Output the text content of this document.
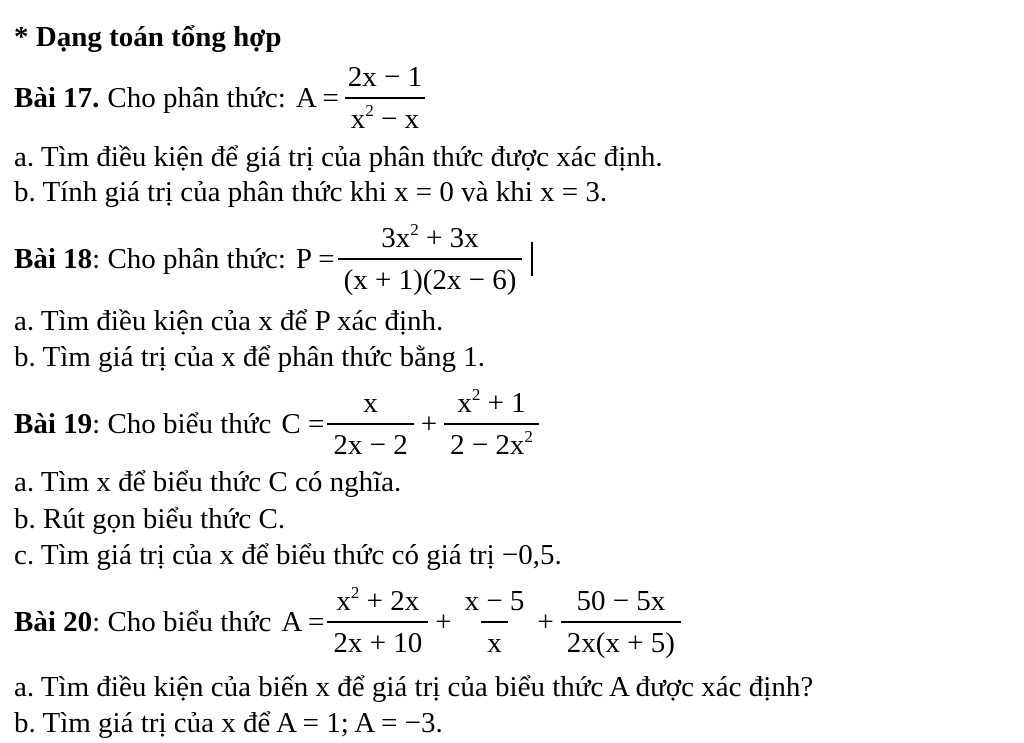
* Dạng toán tổng hợp
Bài 17. Cho phân thức: $A = \frac{2x - 1}{x^2 - x}$
a. Tìm điều kiện để giá trị của phân thức được xác định.
b. Tính giá trị của phân thức khi x = 0 và khi x = 3.
Bài 18 : Cho phân thức: $P = \frac{3x^2 + 3x}{(x + 1)(2x - 6)}$
a. Tìm điều kiện của x để P xác định.
b. Tìm giá trị của x để phân thức bằng 1.
Bài 19 : Cho biểu thức $C = \frac{x}{2x - 2} + \frac{x^2 + 1}{2 - 2x^2}$
a. Tìm x để biểu thức C có nghĩa.
b. Rút gọn biểu thức C.
c. Tìm giá trị của x để biểu thức có giá trị −0,5.
Bài 20 : Cho biểu thức $A = \frac{x^2 + 2x}{2x + 10} + \frac{x - 5}{x} + \frac{50 - 5x}{2x(x + 5)}$
a. Tìm điều kiện của biến x để giá trị của biểu thức A được xác định?
b. Tìm giá trị của x để A = 1; A = −3.
